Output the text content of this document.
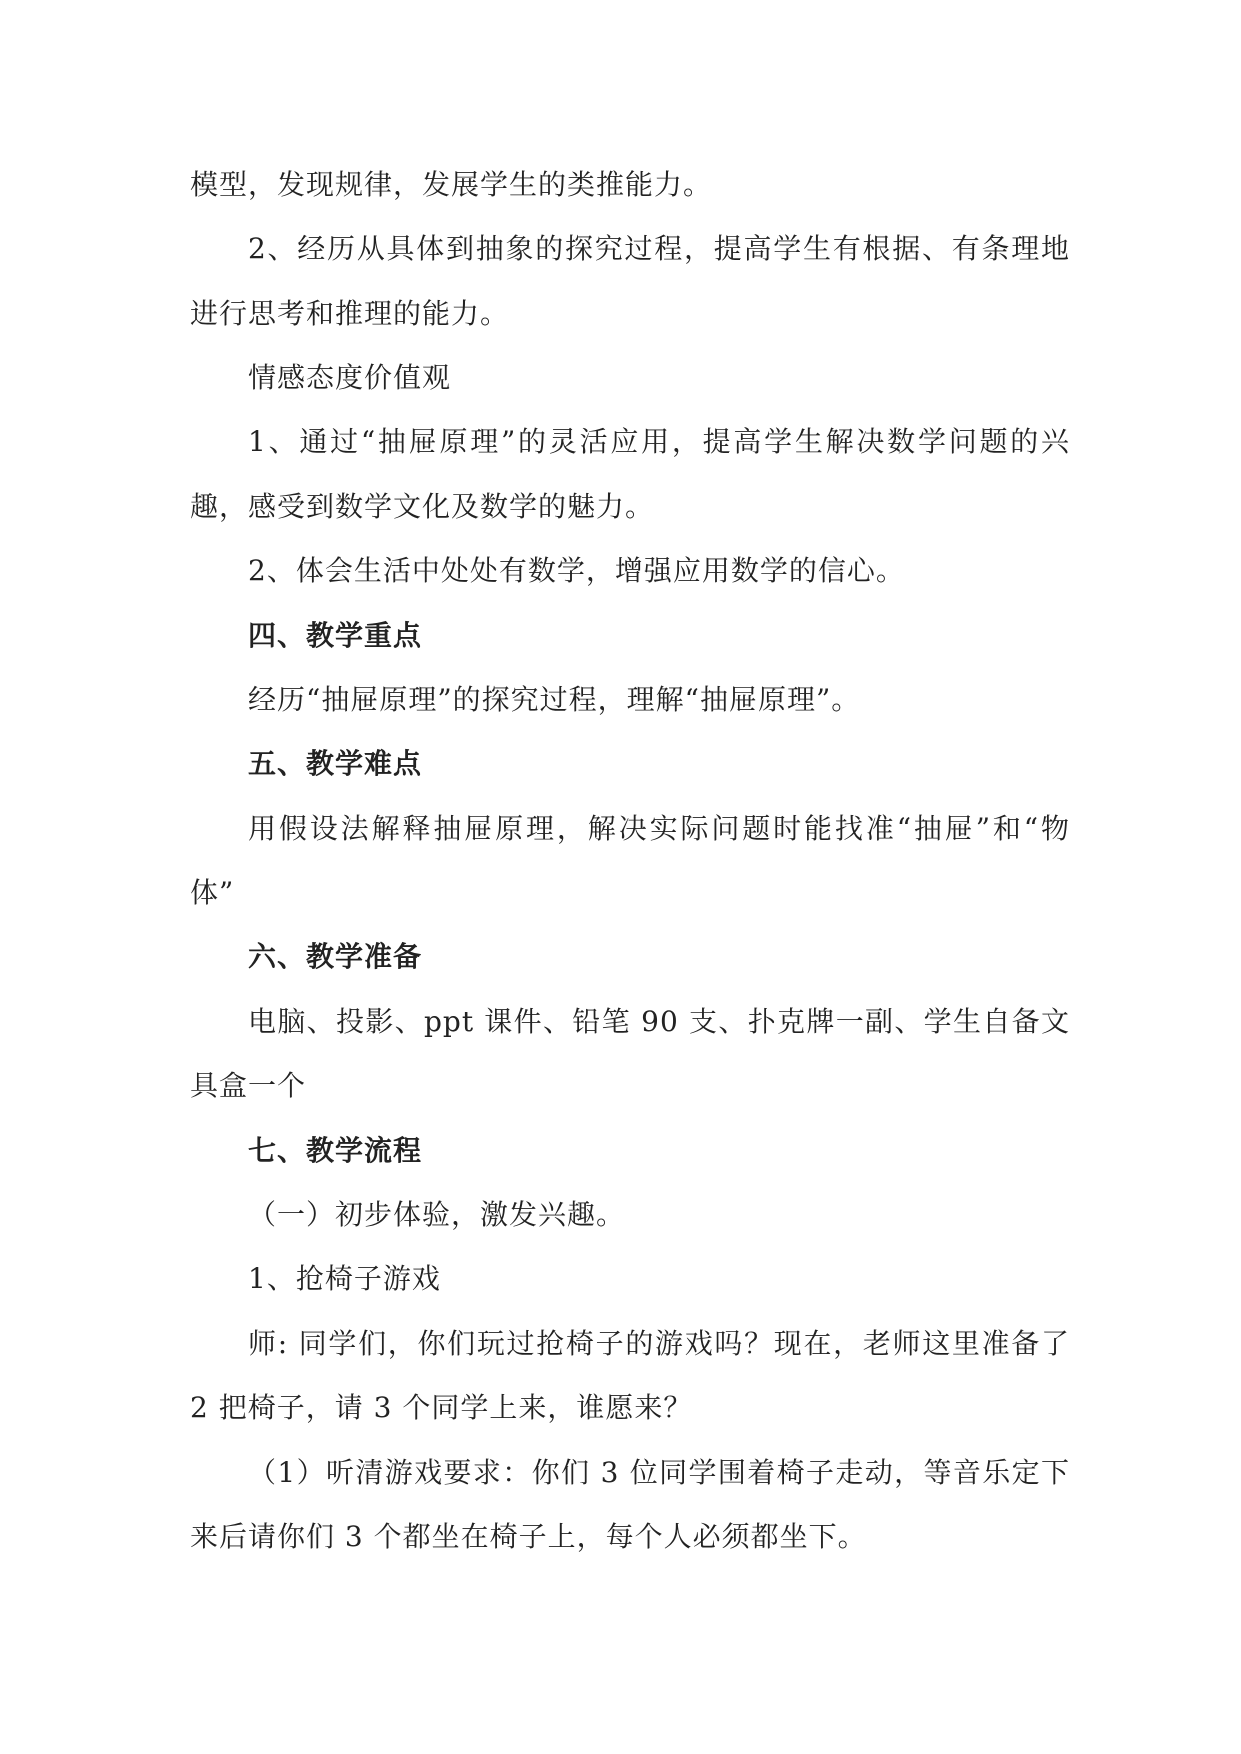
模型，发现规律，发展学生的类推能力。
2、经历从具体到抽象的探究过程，提高学生有根据、有条理地
进行思考和推理的能力。
情感态度价值观
1、通过“抽屉原理”的灵活应用，提高学生解决数学问题的兴
趣，感受到数学文化及数学的魅力。
2、体会生活中处处有数学，增强应用数学的信心。
四、教学重点
经历“抽屉原理”的探究过程，理解“抽屉原理”。
五、教学难点
用假设法解释抽屉原理，解决实际问题时能找准“抽屉”和“物
体”
六、教学准备
电脑、投影、ppt 课件、铅笔 90 支、扑克牌一副、学生自备文
具盒一个
七、教学流程
（一）初步体验，激发兴趣。
1、抢椅子游戏
师: 同学们，你们玩过抢椅子的游戏吗？现在，老师这里准备了
2 把椅子，请 3 个同学上来，谁愿来？
（1）听清游戏要求：你们 3 位同学围着椅子走动，等音乐定下
来后请你们 3 个都坐在椅子上，每个人必须都坐下。
